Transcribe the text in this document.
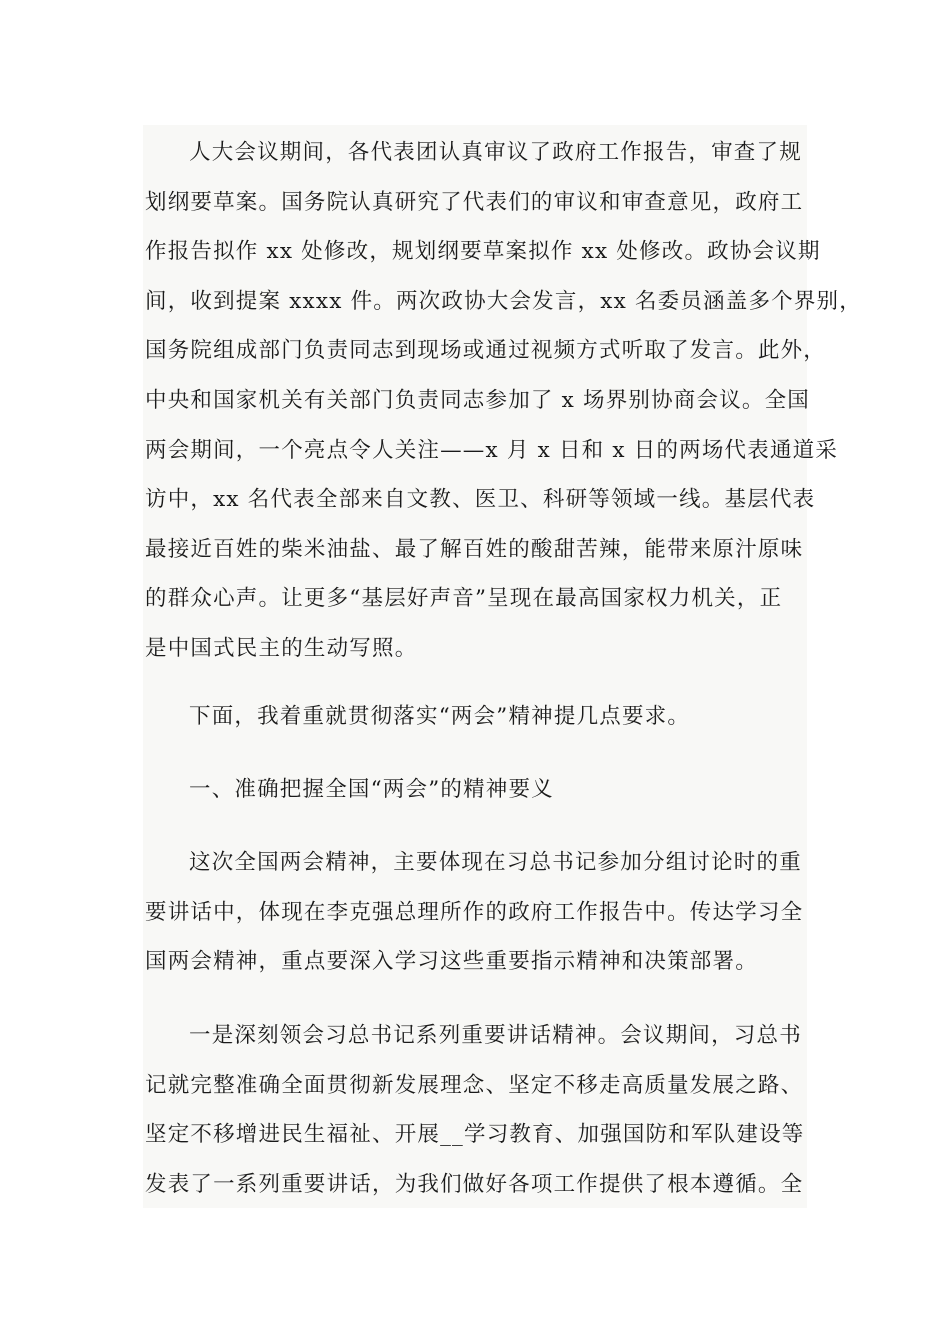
人大会议期间，各代表团认真审议了政府工作报告，审查了规
划纲要草案。国务院认真研究了代表们的审议和审查意见，政府工
作报告拟作 xx 处修改，规划纲要草案拟作 xx 处修改。政协会议期
间，收到提案 xxxx 件。两次政协大会发言，xx 名委员涵盖多个界别，
国务院组成部门负责同志到现场或通过视频方式听取了发言。此外，
中央和国家机关有关部门负责同志参加了 x 场界别协商会议。全国
两会期间，一个亮点令人关注——x 月 x 日和 x 日的两场代表通道采
访中，xx 名代表全部来自文教、医卫、科研等领域一线。基层代表
最接近百姓的柴米油盐、最了解百姓的酸甜苦辣，能带来原汁原味
的群众心声。让更多“基层好声音”呈现在最高国家权力机关，正
是中国式民主的生动写照。
下面，我着重就贯彻落实“两会”精神提几点要求。
一、准确把握全国“两会”的精神要义
这次全国两会精神，主要体现在习总书记参加分组讨论时的重
要讲话中，体现在李克强总理所作的政府工作报告中。传达学习全
国两会精神，重点要深入学习这些重要指示精神和决策部署。
一是深刻领会习总书记系列重要讲话精神。会议期间，习总书
记就完整准确全面贯彻新发展理念、坚定不移走高质量发展之路、
坚定不移增进民生福祉、开展__学习教育、加强国防和军队建设等
发表了一系列重要讲话，为我们做好各项工作提供了根本遵循。全
